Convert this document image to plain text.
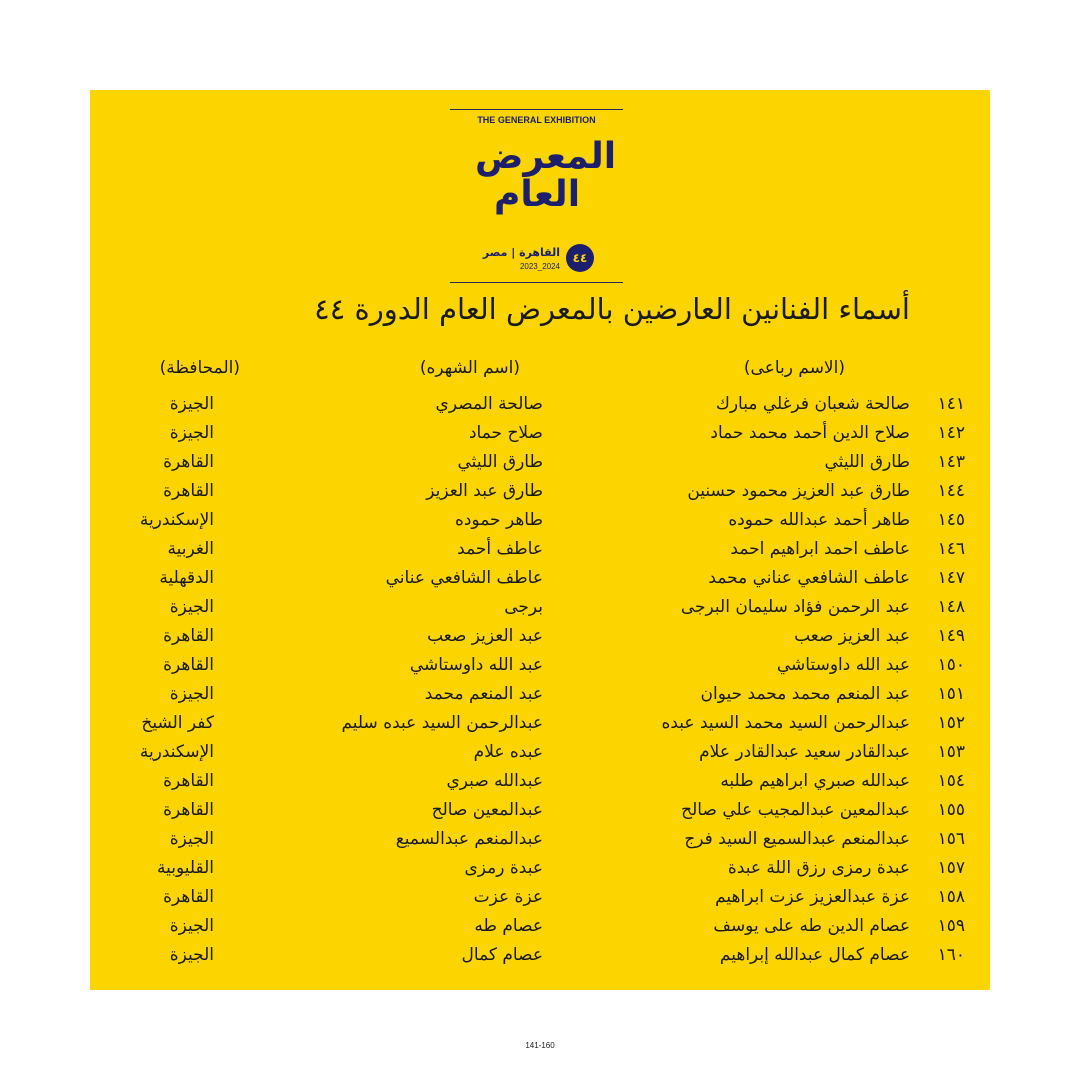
THE GENERAL EXHIBITION
المعرض
العام
٤٤
القاهرة | مصر
2023_2024
أسماء الفنانين العارضين بالمعرض العام الدورة ٤٤
(الاسم رباعى)
(اسم الشهره)
(المحافظة)
١٤١
صالحة شعبان فرغلي مبارك
صالحة المصري
الجيزة
١٤٢
صلاح الدين أحمد محمد حماد
صلاح حماد
الجيزة
١٤٣
طارق الليثي
طارق الليثي
القاهرة
١٤٤
طارق عبد العزيز محمود حسنين
طارق عبد العزيز
القاهرة
١٤٥
طاهر أحمد عبدالله حموده
طاهر حموده
الإسكندرية
١٤٦
عاطف احمد ابراهيم احمد
عاطف أحمد
الغربية
١٤٧
عاطف الشافعي عناني محمد
عاطف الشافعي عناني
الدقهلية
١٤٨
عبد الرحمن فؤاد سليمان البرجى
برجى
الجيزة
١٤٩
عبد العزيز صعب
عبد العزيز صعب
القاهرة
١٥٠
عبد الله داوستاشي
عبد الله داوستاشي
القاهرة
١٥١
عبد المنعم محمد محمد حيوان
عبد المنعم محمد
الجيزة
١٥٢
عبدالرحمن السيد محمد السيد عبده
عبدالرحمن السيد عبده سليم
كفر الشيخ
١٥٣
عبدالقادر سعيد عبدالقادر علام
عبده علام
الإسكندرية
١٥٤
عبدالله صبري ابراهيم طلبه
عبدالله صبري
القاهرة
١٥٥
عبدالمعين عبدالمجيب علي صالح
عبدالمعين صالح
القاهرة
١٥٦
عبدالمنعم عبدالسميع السيد فرج
عبدالمنعم عبدالسميع
الجيزة
١٥٧
عبدة رمزى رزق اللة عبدة
عبدة رمزى
القليوبية
١٥٨
عزة عبدالعزيز عزت ابراهيم
عزة عزت
القاهرة
١٥٩
عصام الدين طه على يوسف
عصام طه
الجيزة
١٦٠
عصام كمال عبدالله إبراهيم
عصام كمال
الجيزة
141-160
